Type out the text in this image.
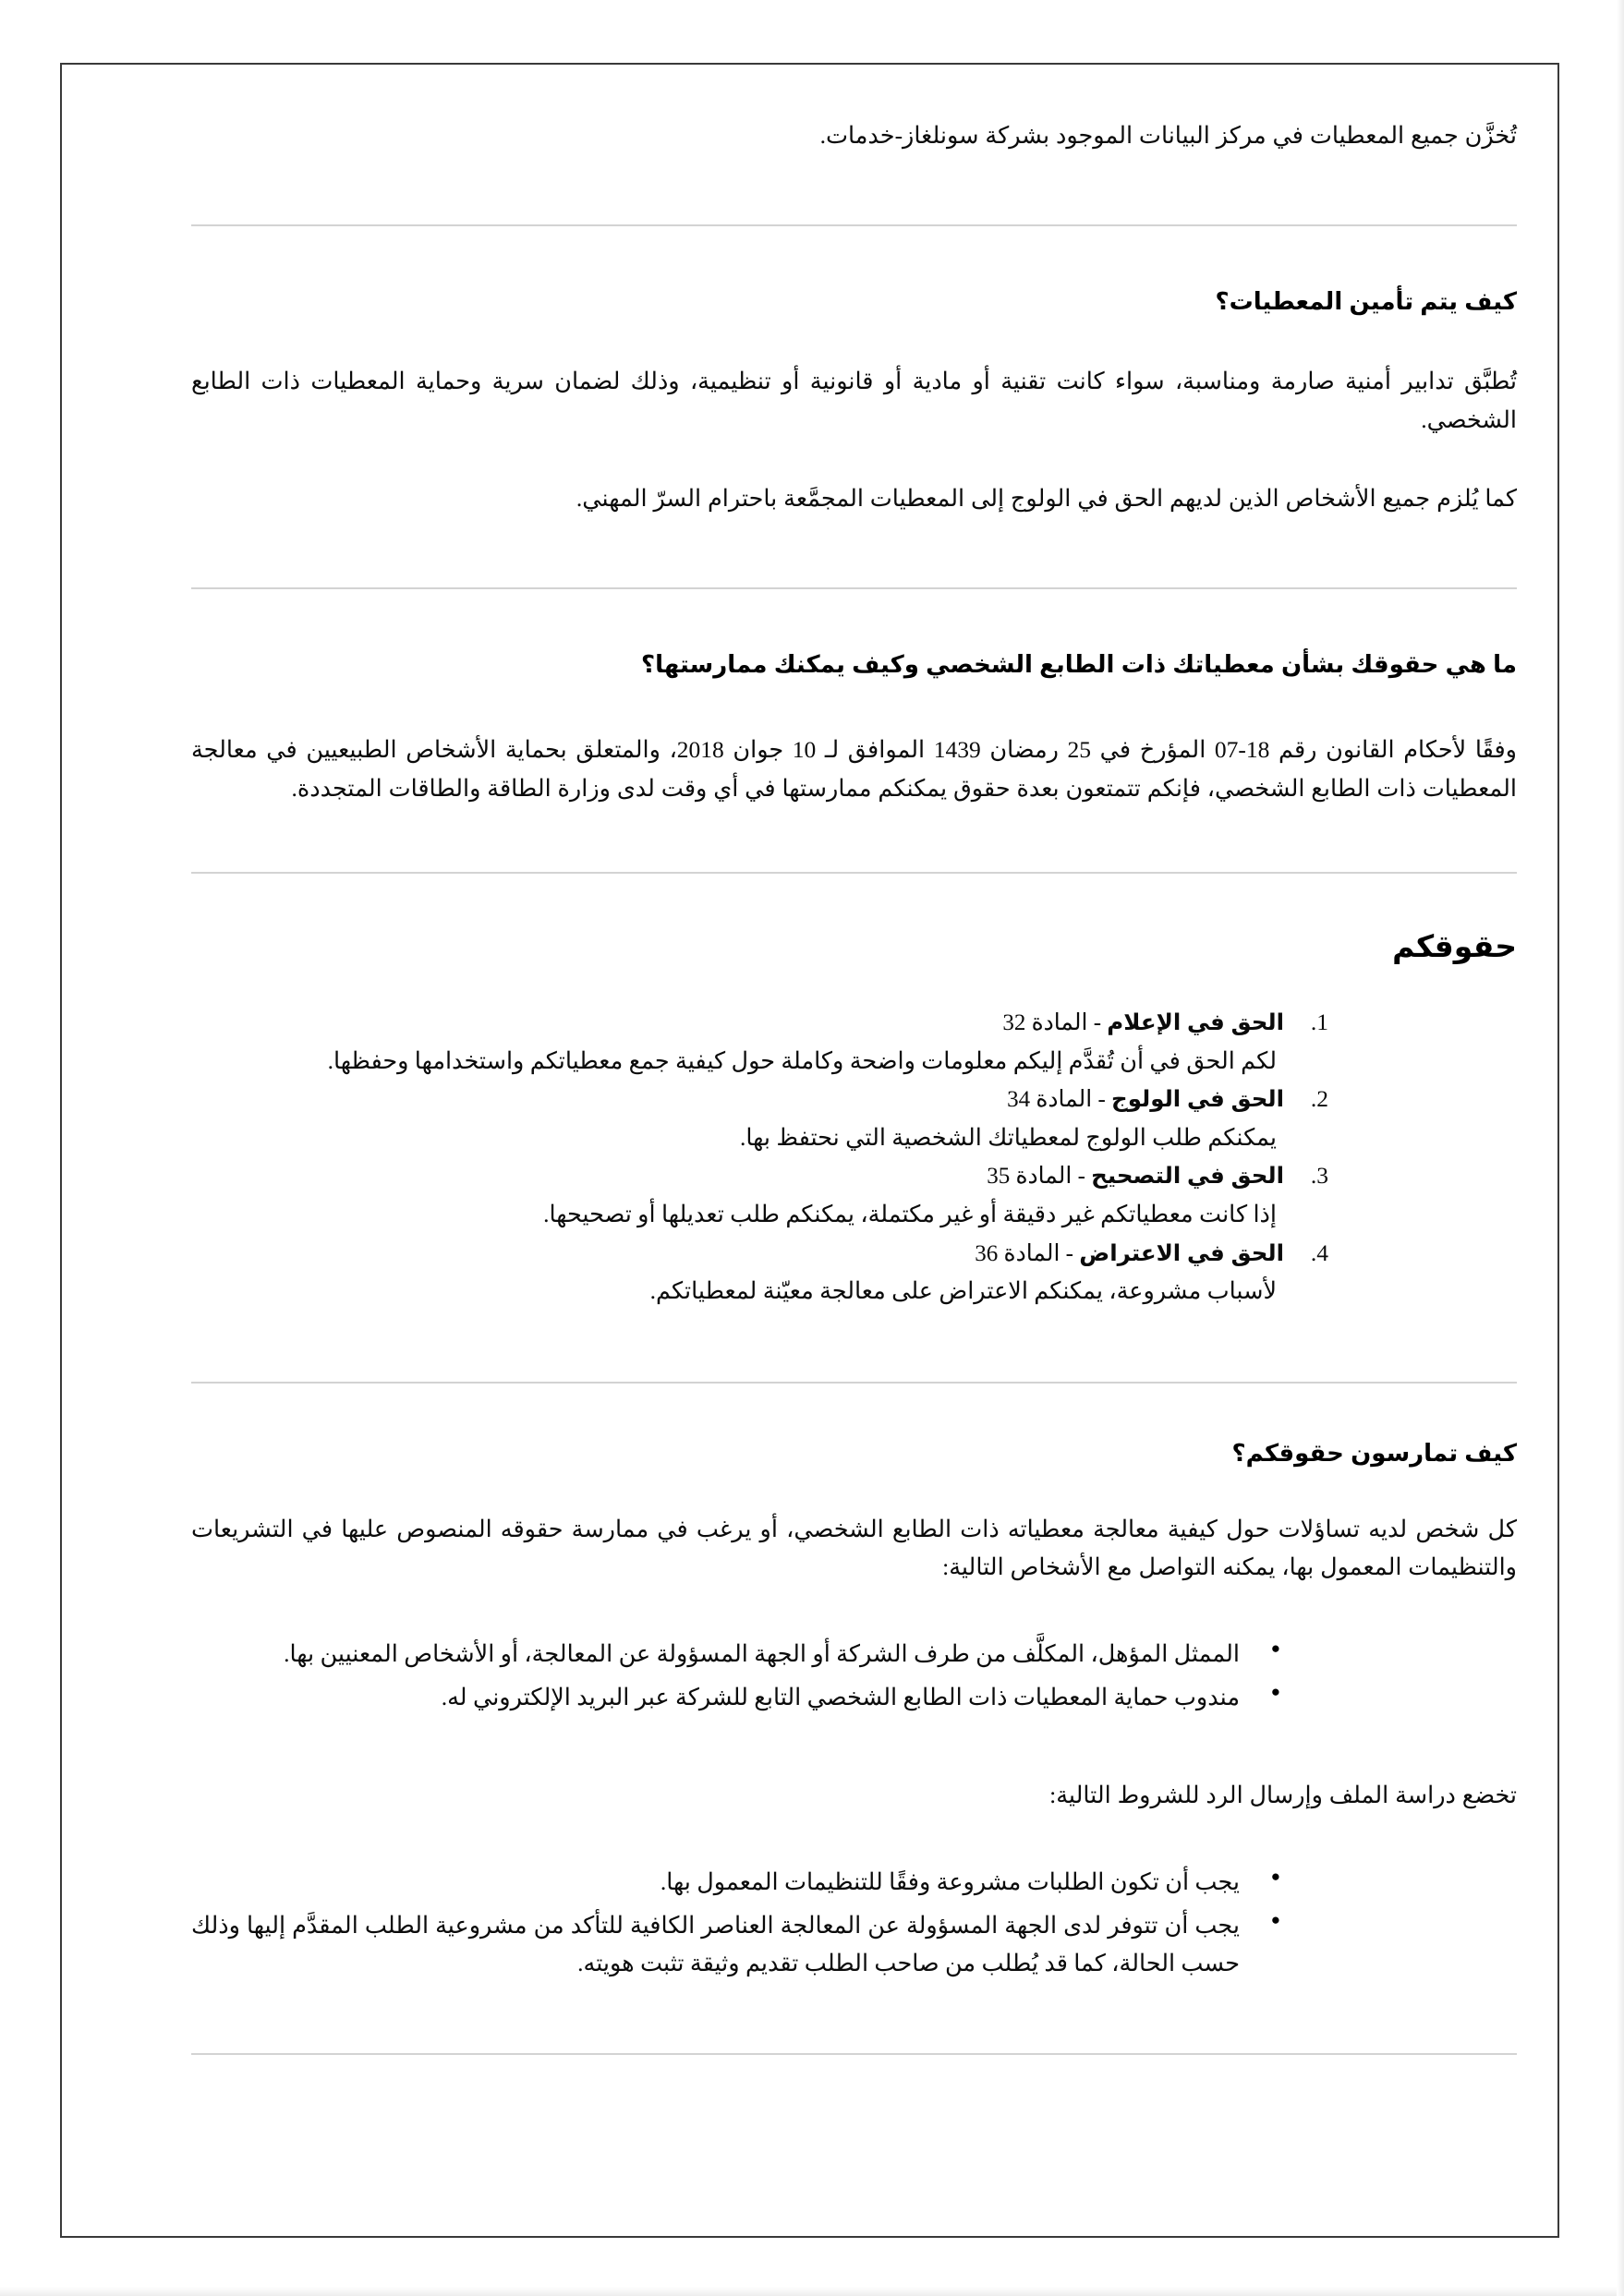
تُخزَّن جميع المعطيات في مركز البيانات الموجود بشركة سونلغاز-خدمات.

كيف يتم تأمين المعطيات؟

تُطبَّق تدابير أمنية صارمة ومناسبة، سواء كانت تقنية أو مادية أو قانونية أو تنظيمية، وذلك لضمان سرية وحماية المعطيات ذات الطابع الشخصي.

كما يُلزم جميع الأشخاص الذين لديهم الحق في الولوج إلى المعطيات المجمَّعة باحترام السرّ المهني.

ما هي حقوقك بشأن معطياتك ذات الطابع الشخصي وكيف يمكنك ممارستها؟

وفقًا لأحكام القانون رقم 18-07 المؤرخ في 25 رمضان 1439 الموافق لـ 10 جوان 2018، والمتعلق بحماية الأشخاص الطبيعيين في معالجة المعطيات ذات الطابع الشخصي، فإنكم تتمتعون بعدة حقوق يمكنكم ممارستها في أي وقت لدى وزارة الطاقة والطاقات المتجددة.

حقوقكم
الحق في الإعلام - المادة 32
لكم الحق في أن تُقدَّم إليكم معلومات واضحة وكاملة حول كيفية جمع معطياتكم واستخدامها وحفظها.
الحق في الولوج - المادة 34
يمكنكم طلب الولوج لمعطياتك الشخصية التي نحتفظ بها.
الحق في التصحيح - المادة 35
إذا كانت معطياتكم غير دقيقة أو غير مكتملة، يمكنكم طلب تعديلها أو تصحيحها.
الحق في الاعتراض - المادة 36
لأسباب مشروعة، يمكنكم الاعتراض على معالجة معيّنة لمعطياتكم.
كيف تمارسون حقوقكم؟

كل شخص لديه تساؤلات حول كيفية معالجة معطياته ذات الطابع الشخصي، أو يرغب في ممارسة حقوقه المنصوص عليها في التشريعات والتنظيمات المعمول بها، يمكنه التواصل مع الأشخاص التالية:

● الممثل المؤهل، المكلَّف من طرف الشركة أو الجهة المسؤولة عن المعالجة، أو الأشخاص المعنيين بها.
● مندوب حماية المعطيات ذات الطابع الشخصي التابع للشركة عبر البريد الإلكتروني له.

تخضع دراسة الملف وإرسال الرد للشروط التالية:

● يجب أن تكون الطلبات مشروعة وفقًا للتنظيمات المعمول بها.
● يجب أن تتوفر لدى الجهة المسؤولة عن المعالجة العناصر الكافية للتأكد من مشروعية الطلب المقدَّم إليها وذلك حسب الحالة، كما قد يُطلب من صاحب الطلب تقديم وثيقة تثبت هويته.
